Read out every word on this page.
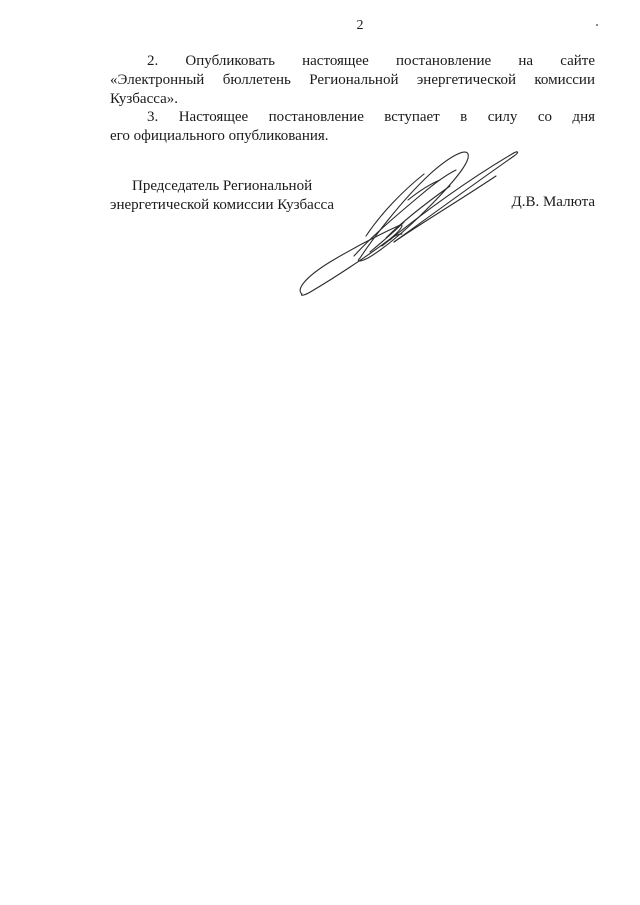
2
2. Опубликовать настоящее постановление на сайте
«Электронный бюллетень Региональной энергетической комиссии
Кузбасса».
3. Настоящее постановление вступает в силу со дня
его официального опубликования.
Председатель Региональной
энергетической комиссии Кузбасса	Д.В. Малюта
